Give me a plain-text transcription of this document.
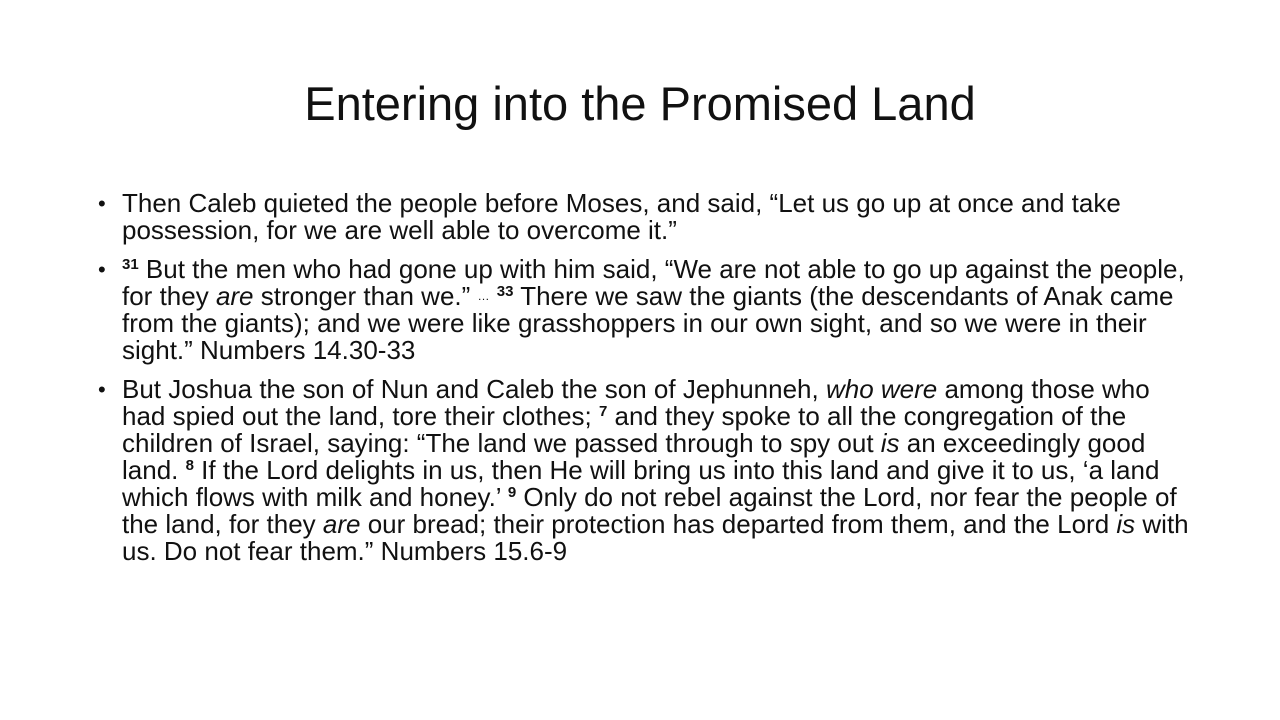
Entering into the Promised Land
• Then Caleb quieted the people before Moses, and said, “Let us go up at once and take possession, for we are well able to overcome it.”
• $^{31}$ But the men who had gone up with him said, “We are not able to go up against the people, for they are stronger than we.” … $^{33}$ There we saw the giants (the descendants of Anak came from the giants); and we were like grasshoppers in our own sight, and so we were in their sight.” Numbers 14.30-33
• But Joshua the son of Nun and Caleb the son of Jephunneh, who were among those who had spied out the land, tore their clothes; $^7$ and they spoke to all the congregation of the children of Israel, saying: “The land we passed through to spy out is an exceedingly good land. $^8$ If the Lord delights in us, then He will bring us into this land and give it to us, ‘a land which flows with milk and honey.’ $^9$ Only do not rebel against the Lord, nor fear the people of the land, for they are our bread; their protection has departed from them, and the Lord is with us. Do not fear them.” Numbers 15.6-9
